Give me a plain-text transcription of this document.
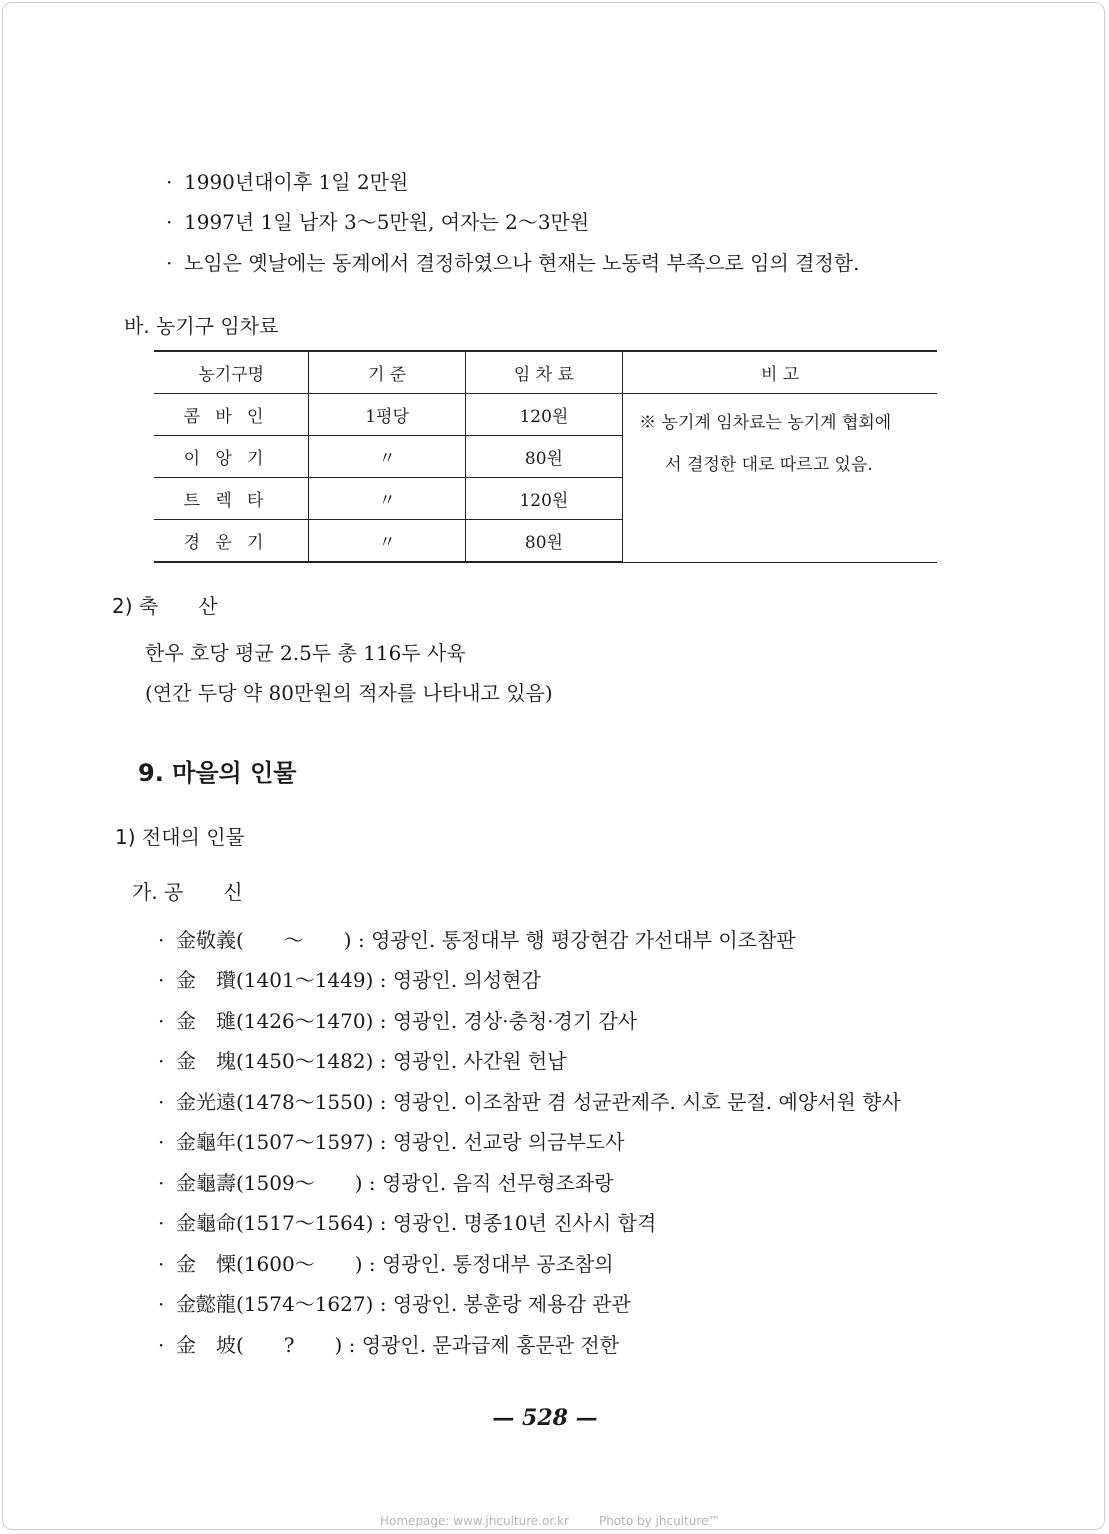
· 1990년대이후 1일 2만원
· 1997년 1일 남자 3～5만원, 여자는 2～3만원
· 노임은 옛날에는 동계에서 결정하였으나 현재는 노동력 부족으로 임의 결정함.
바. 농기구 임차료
농기구명	기 준	임 차 료	비 고
콤바인	1평당	120원	※ 농기계 임차료는 농기계 협회에
서 결정한 대로 따르고 있음.

이앙기	〃	80원	
트렉타	〃	120원	
경운기	〃	80원	
2) 축　　산
한우 호당 평균 2.5두 총 116두 사육
(연간 두당 약 80만원의 적자를 나타내고 있음)
9. 마을의 인물
1) 전대의 인물
가. 공　　신
· 金敬義(　　～　　) : 영광인. 통정대부 행 평강현감 가선대부 이조참판
· 金　瓚(1401～1449) : 영광인. 의성현감
· 金　璡(1426～1470) : 영광인. 경상·충청·경기 감사
· 金　塊(1450～1482) : 영광인. 사간원 헌납
· 金光遠(1478～1550) : 영광인. 이조참판 겸 성균관제주. 시호 문절. 예양서원 향사
· 金龜年(1507～1597) : 영광인. 선교랑 의금부도사
· 金龜壽(1509～　　) : 영광인. 음직 선무형조좌랑
· 金龜命(1517～1564) : 영광인. 명종10년 진사시 합격
· 金　慄(1600～　　) : 영광인. 통정대부 공조참의
· 金懿龍(1574～1627) : 영광인. 봉훈랑 제용감 관관
· 金　坡(　　?　　) : 영광인. 문과급제 홍문관 전한
— 528 —
Homepage: www.jhculture.or.kr	Photo by jhculture™
